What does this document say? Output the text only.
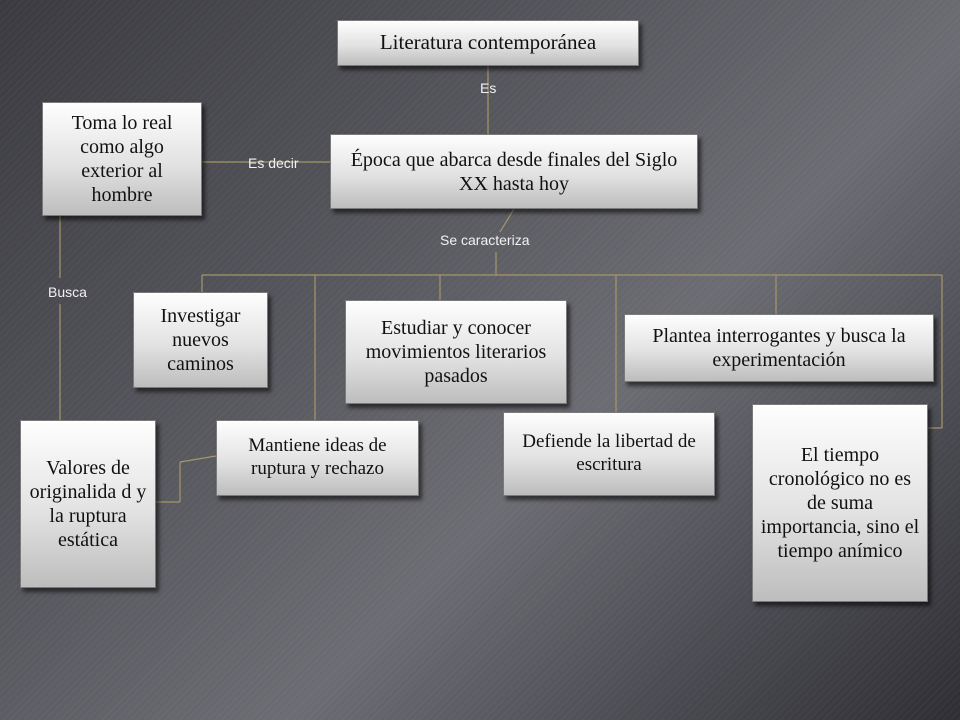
Literatura contemporánea
Época que abarca desde finales del Siglo XX hasta hoy
Toma lo real como algo exterior al hombre
Investigar nuevos caminos
Estudiar y conocer movimientos literarios pasados
Plantea interrogantes y busca la experimentación
Valores de originalida d y la ruptura estática
Mantiene ideas de ruptura y rechazo
Defiende la libertad de escritura	El tiempo cronológico no es de suma importancia, sino el tiempo anímico
Es
Es decir
Se caracteriza
Busca
